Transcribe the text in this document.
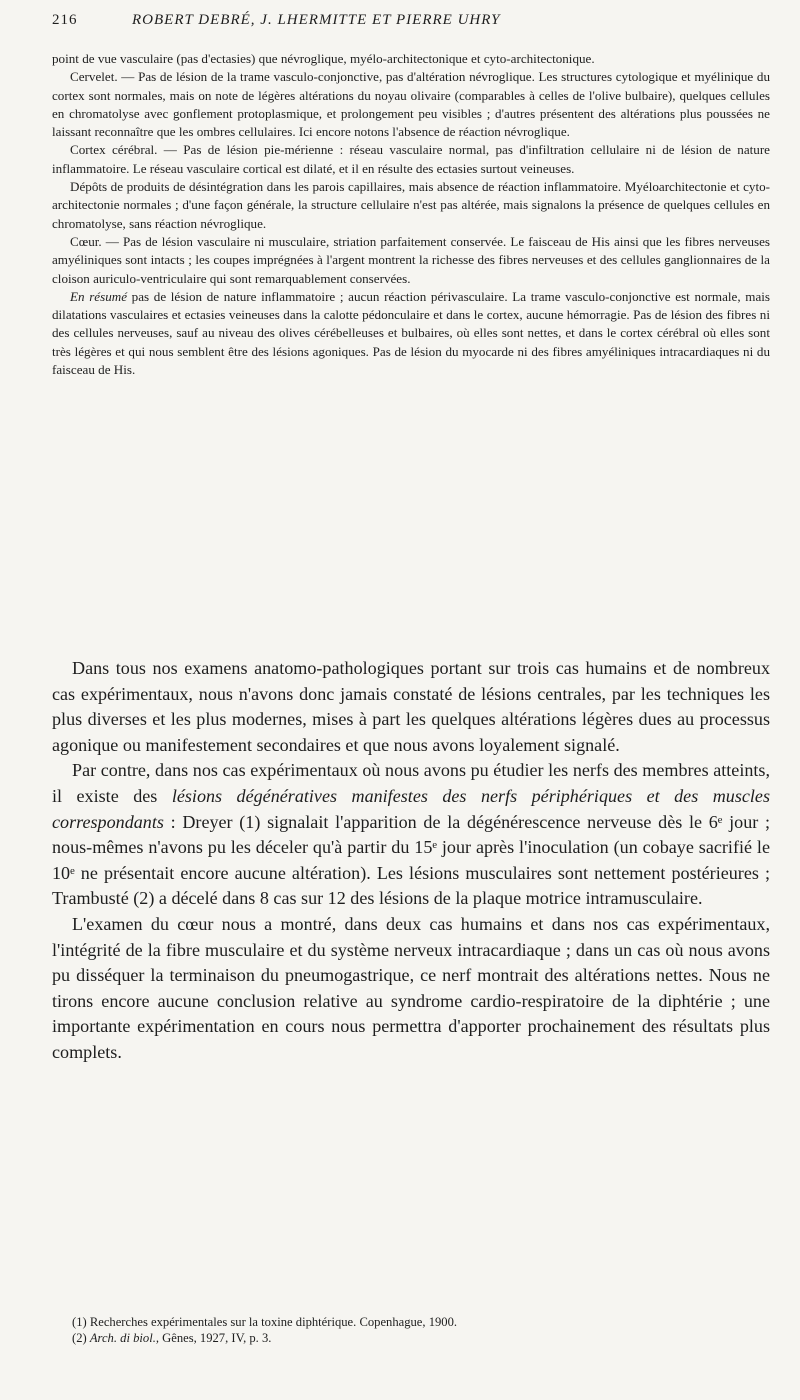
216	ROBERT DEBRÉ, J. LHERMITTE ET PIERRE UHRY

point de vue vasculaire (pas d'ectasies) que névroglique, myélo-architectonique et cyto-architectonique.

Cervelet. — Pas de lésion de la trame vasculo-conjonctive, pas d'altération névroglique. Les structures cytologique et myélinique du cortex sont normales, mais on note de légères altérations du noyau olivaire (comparables à celles de l'olive bulbaire), quelques cellules en chromatolyse avec gonflement protoplasmique, et prolongement peu visibles ; d'autres présentent des altérations plus poussées ne laissant reconnaître que les ombres cellulaires. Ici encore notons l'absence de réaction névroglique.

Cortex cérébral. — Pas de lésion pie-mérienne : réseau vasculaire normal, pas d'infiltration cellulaire ni de lésion de nature inflammatoire. Le réseau vasculaire cortical est dilaté, et il en résulte des ectasies surtout veineuses.

Dépôts de produits de désintégration dans les parois capillaires, mais absence de réaction inflammatoire. Myéloarchitectonie et cyto-architectonie normales ; d'une façon générale, la structure cellulaire n'est pas altérée, mais signalons la présence de quelques cellules en chromatolyse, sans réaction névroglique.

Cœur. — Pas de lésion vasculaire ni musculaire, striation parfaitement conservée. Le faisceau de His ainsi que les fibres nerveuses amyéliniques sont intacts ; les coupes imprégnées à l'argent montrent la richesse des fibres nerveuses et des cellules ganglionnaires de la cloison auriculo-ventriculaire qui sont remarquablement conservées.

En résumé pas de lésion de nature inflammatoire ; aucun réaction périvasculaire. La trame vasculo-conjonctive est normale, mais dilatations vasculaires et ectasies veineuses dans la calotte pédonculaire et dans le cortex, aucune hémorragie. Pas de lésion des fibres ni des cellules nerveuses, sauf au niveau des olives cérébelleuses et bulbaires, où elles sont nettes, et dans le cortex cérébral où elles sont très légères et qui nous semblent être des lésions agoniques. Pas de lésion du myocarde ni des fibres amyéliniques intracardiaques ni du faisceau de His.

Dans tous nos examens anatomo-pathologiques portant sur trois cas humains et de nombreux cas expérimentaux, nous n'avons donc jamais constaté de lésions centrales, par les techniques les plus diverses et les plus modernes, mises à part les quelques altérations légères dues au processus agonique ou manifestement secondaires et que nous avons loyalement signalé.

Par contre, dans nos cas expérimentaux où nous avons pu étudier les nerfs des membres atteints, il existe des lésions dégénératives manifestes des nerfs périphériques et des muscles correspondants : Dreyer (1) signalait l'apparition de la dégénérescence nerveuse dès le 6ᵉ jour ; nous-mêmes n'avons pu les déceler qu'à partir du 15ᵉ jour après l'inoculation (un cobaye sacrifié le 10ᵉ ne présentait encore aucune altération). Les lésions musculaires sont nettement postérieures ; Trambusté (2) a décelé dans 8 cas sur 12 des lésions de la plaque motrice intramusculaire.

L'examen du cœur nous a montré, dans deux cas humains et dans nos cas expérimentaux, l'intégrité de la fibre musculaire et du système nerveux intracardiaque ; dans un cas où nous avons pu disséquer la terminaison du pneumogastrique, ce nerf montrait des altérations nettes. Nous ne tirons encore aucune conclusion relative au syndrome cardio-respiratoire de la diphtérie ; une importante expérimentation en cours nous permettra d'apporter prochainement des résultats plus complets.

(1) Recherches expérimentales sur la toxine diphtérique. Copenhague, 1900.

(2) Arch. di biol., Gênes, 1927, IV, p. 3.
